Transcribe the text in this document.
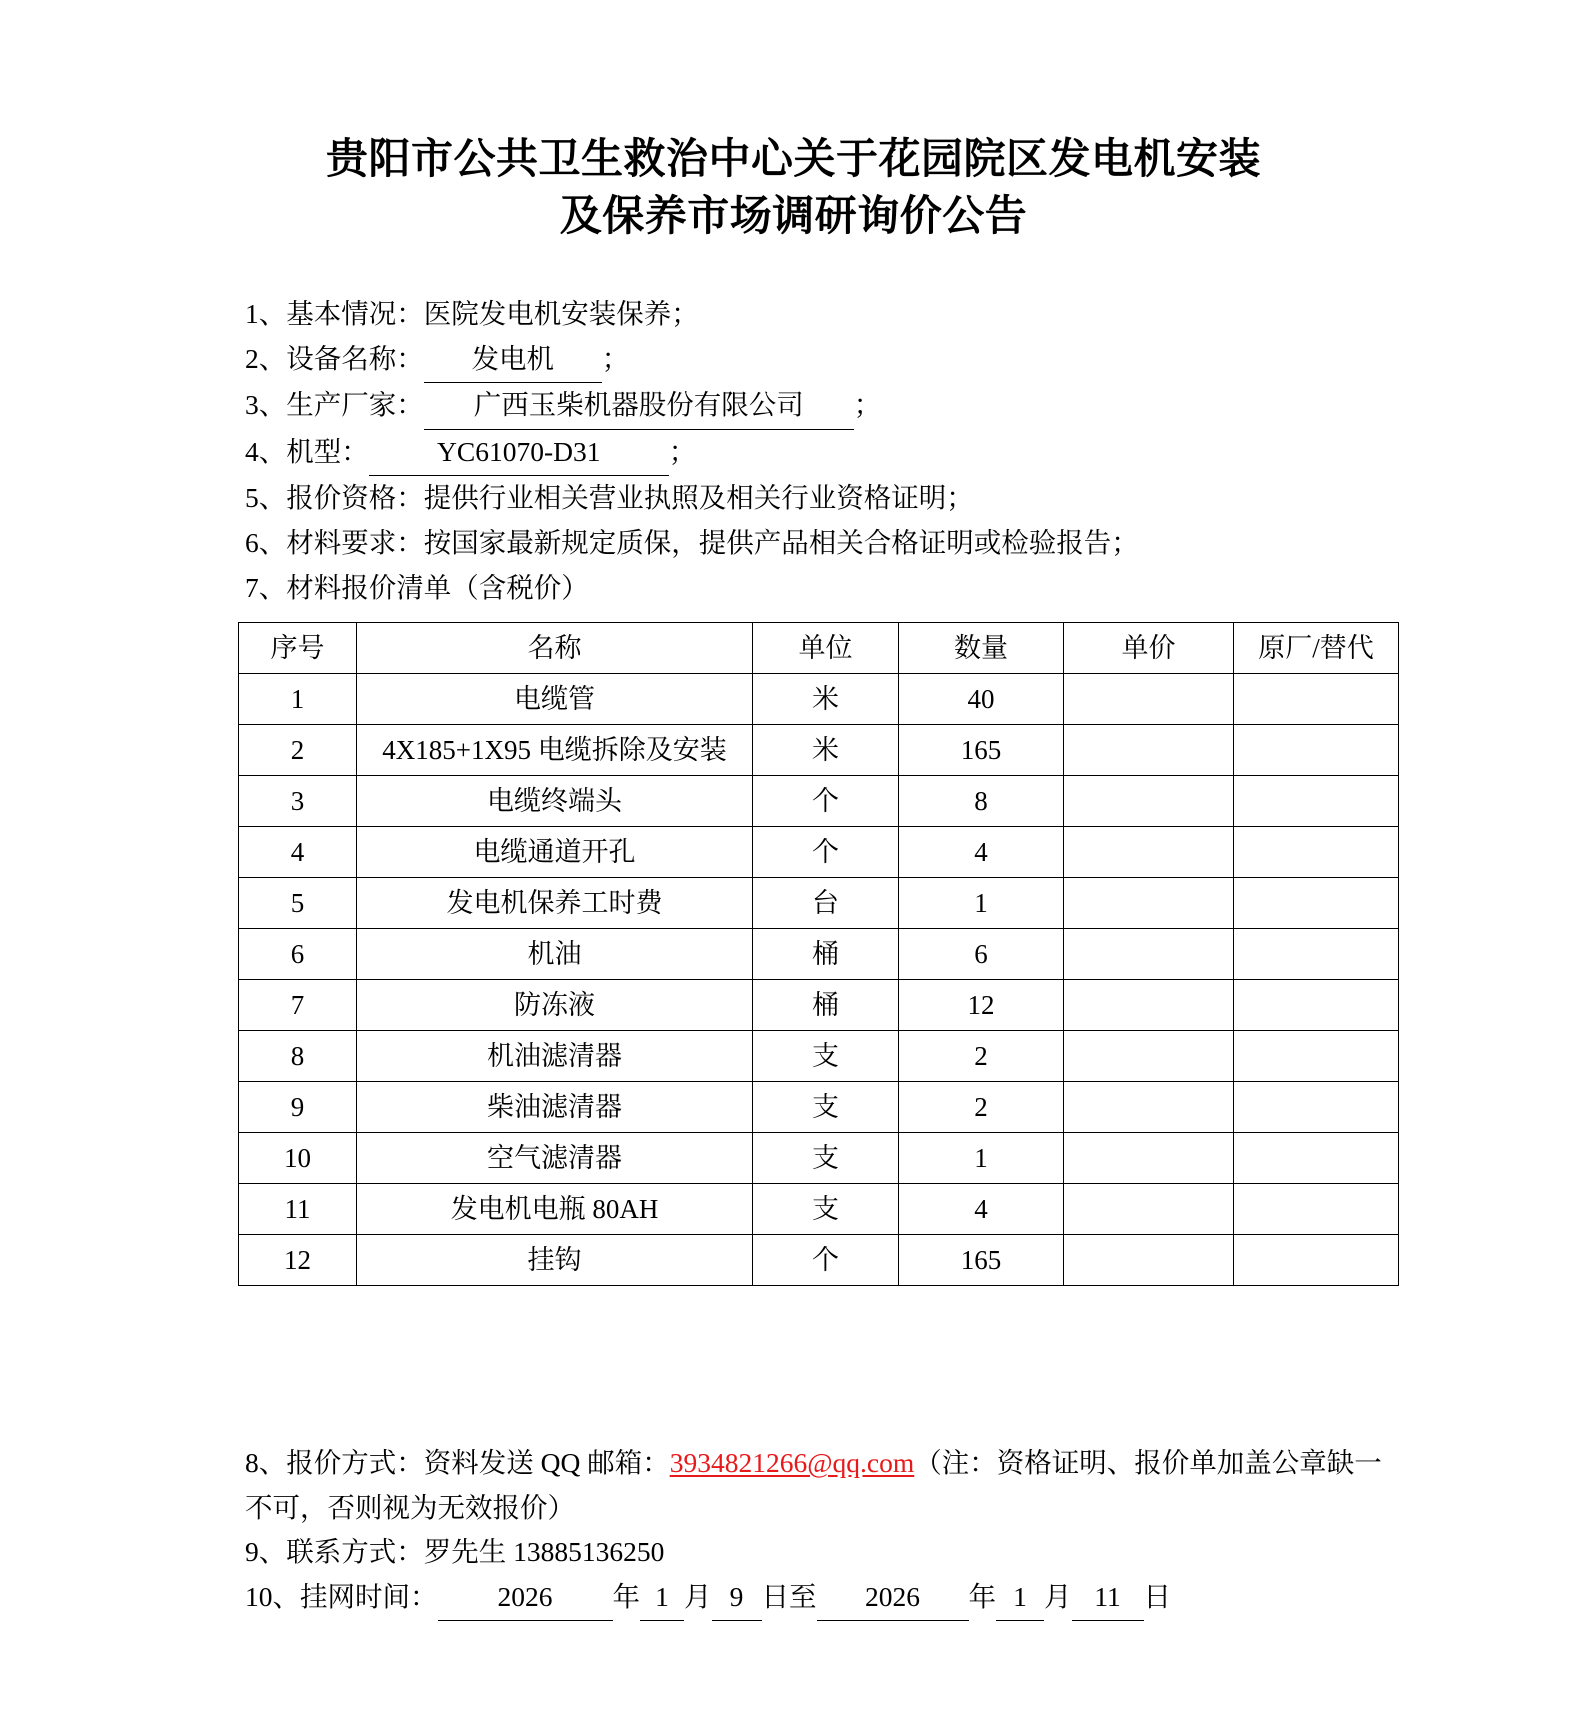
贵阳市公共卫生救治中心关于花园院区发电机安装
及保养市场调研询价公告

1、基本情况：医院发电机安装保养；

2、设备名称： 发电机 ；

3、生产厂家： 广西玉柴机器股份有限公司 ；

4、机型： YC61070-D31 ；

5、报价资格：提供行业相关营业执照及相关行业资格证明；

6、材料要求：按国家最新规定质保，提供产品相关合格证明或检验报告；

7、材料报价清单（含税价）

序号	名称	单位	数量	单价	原厂/替代
1	电缆管	米	40		
2	4X185+1X95 电缆拆除及安装	米	165		
3	电缆终端头	个	8		
4	电缆通道开孔	个	4		
5	发电机保养工时费	台	1		
6	机油	桶	6		
7	防冻液	桶	12		
8	机油滤清器	支	2		
9	柴油滤清器	支	2		
10	空气滤清器	支	1		
11	发电机电瓶 80AH	支	4		
12	挂钩	个	165		

8、报价方式：资料发送 QQ 邮箱：3934821266@qq.com（注：资格证明、报价单加盖公章缺一不可，否则视为无效报价）

9、联系方式：罗先生 13885136250

10、挂网时间： 2026 年 1 月 9 日至 2026 年 1 月 11 日
